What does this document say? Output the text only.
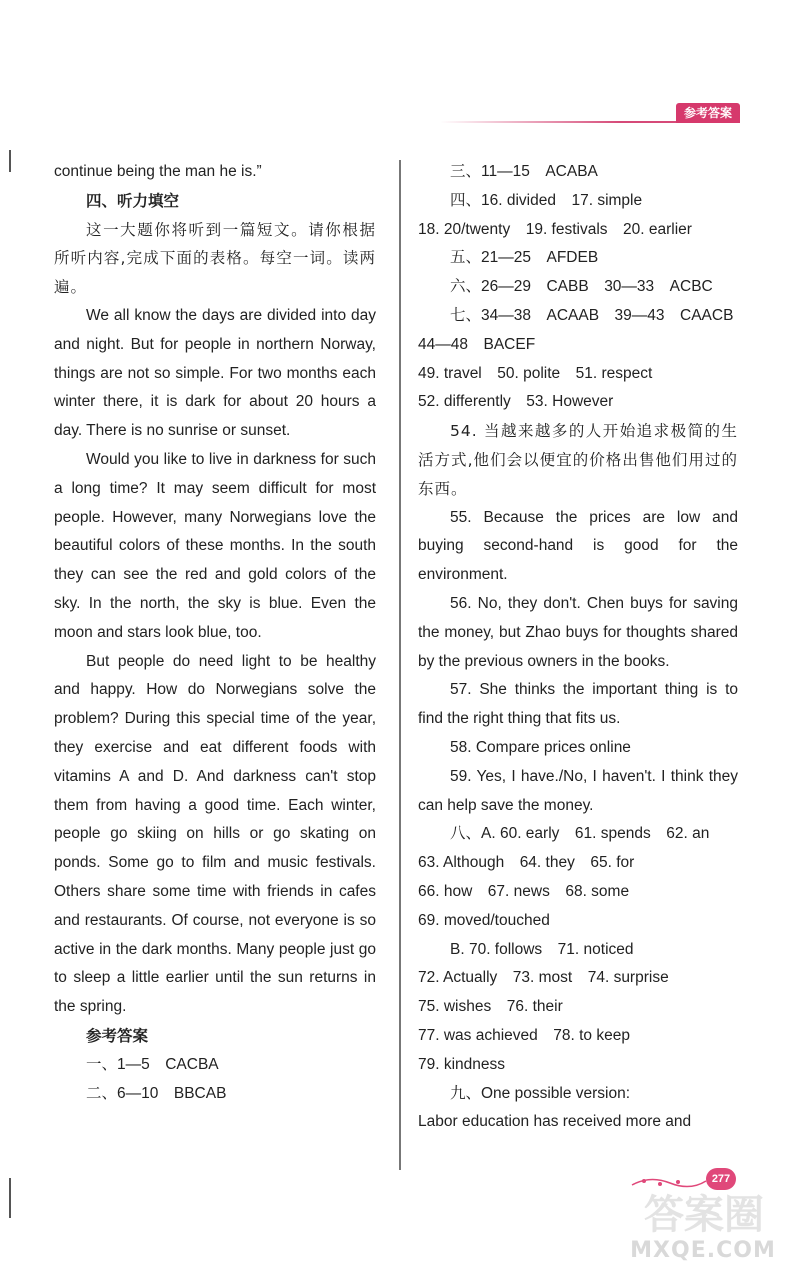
参考答案

continue being the man he is.”

四、听力填空

这一大题你将听到一篇短文。请你根据所听内容,完成下面的表格。每空一词。读两遍。

We all know the days are divided into day and night. But for people in northern Norway, things are not so simple. For two months each winter there, it is dark for about 20 hours a day. There is no sunrise or sunset.

Would you like to live in darkness for such a long time? It may seem difficult for most people. However, many Norwegians love the beautiful colors of these months. In the south they can see the red and gold colors of the sky. In the north, the sky is blue. Even the moon and stars look blue, too.

But people do need light to be healthy and happy. How do Norwegians solve the problem? During this special time of the year, they exercise and eat different foods with vitamins A and D. And darkness can't stop them from having a good time. Each winter, people go skiing on hills or go skating on ponds. Some go to film and music festivals. Others share some time with friends in cafes and restaurants. Of course, not everyone is so active in the dark months. Many people just go to sleep a little earlier until the sun returns in the spring.

参考答案

一、1—5　CACBA

二、6—10　BBCAB

三、11—15　ACABA

四、16. divided　17. simple

18. 20/twenty　19. festivals　20. earlier

五、21—25　AFDEB

六、26—29　CABB　30—33　ACBC

七、34—38　ACAAB　39—43　CAACB

44—48　BACEF

49. travel　50. polite　51. respect

52. differently　53. However

54. 当越来越多的人开始追求极简的生活方式,他们会以便宜的价格出售他们用过的东西。

55. Because the prices are low and buying second-hand is good for the environment.

56. No, they don't. Chen buys for saving the money, but Zhao buys for thoughts shared by the previous owners in the books.

57. She thinks the important thing is to find the right thing that fits us.

58. Compare prices online

59. Yes, I have./No, I haven't. I think they can help save the money.

八、A. 60. early　61. spends　62. an

63. Although　64. they　65. for

66. how　67. news　68. some

69. moved/touched

B. 70. follows　71. noticed

72. Actually　73. most　74. surprise

75. wishes　76. their

77. was achieved　78. to keep

79. kindness

九、One possible version:

Labor education has received more and

277
答案圈
MXQE.COM
